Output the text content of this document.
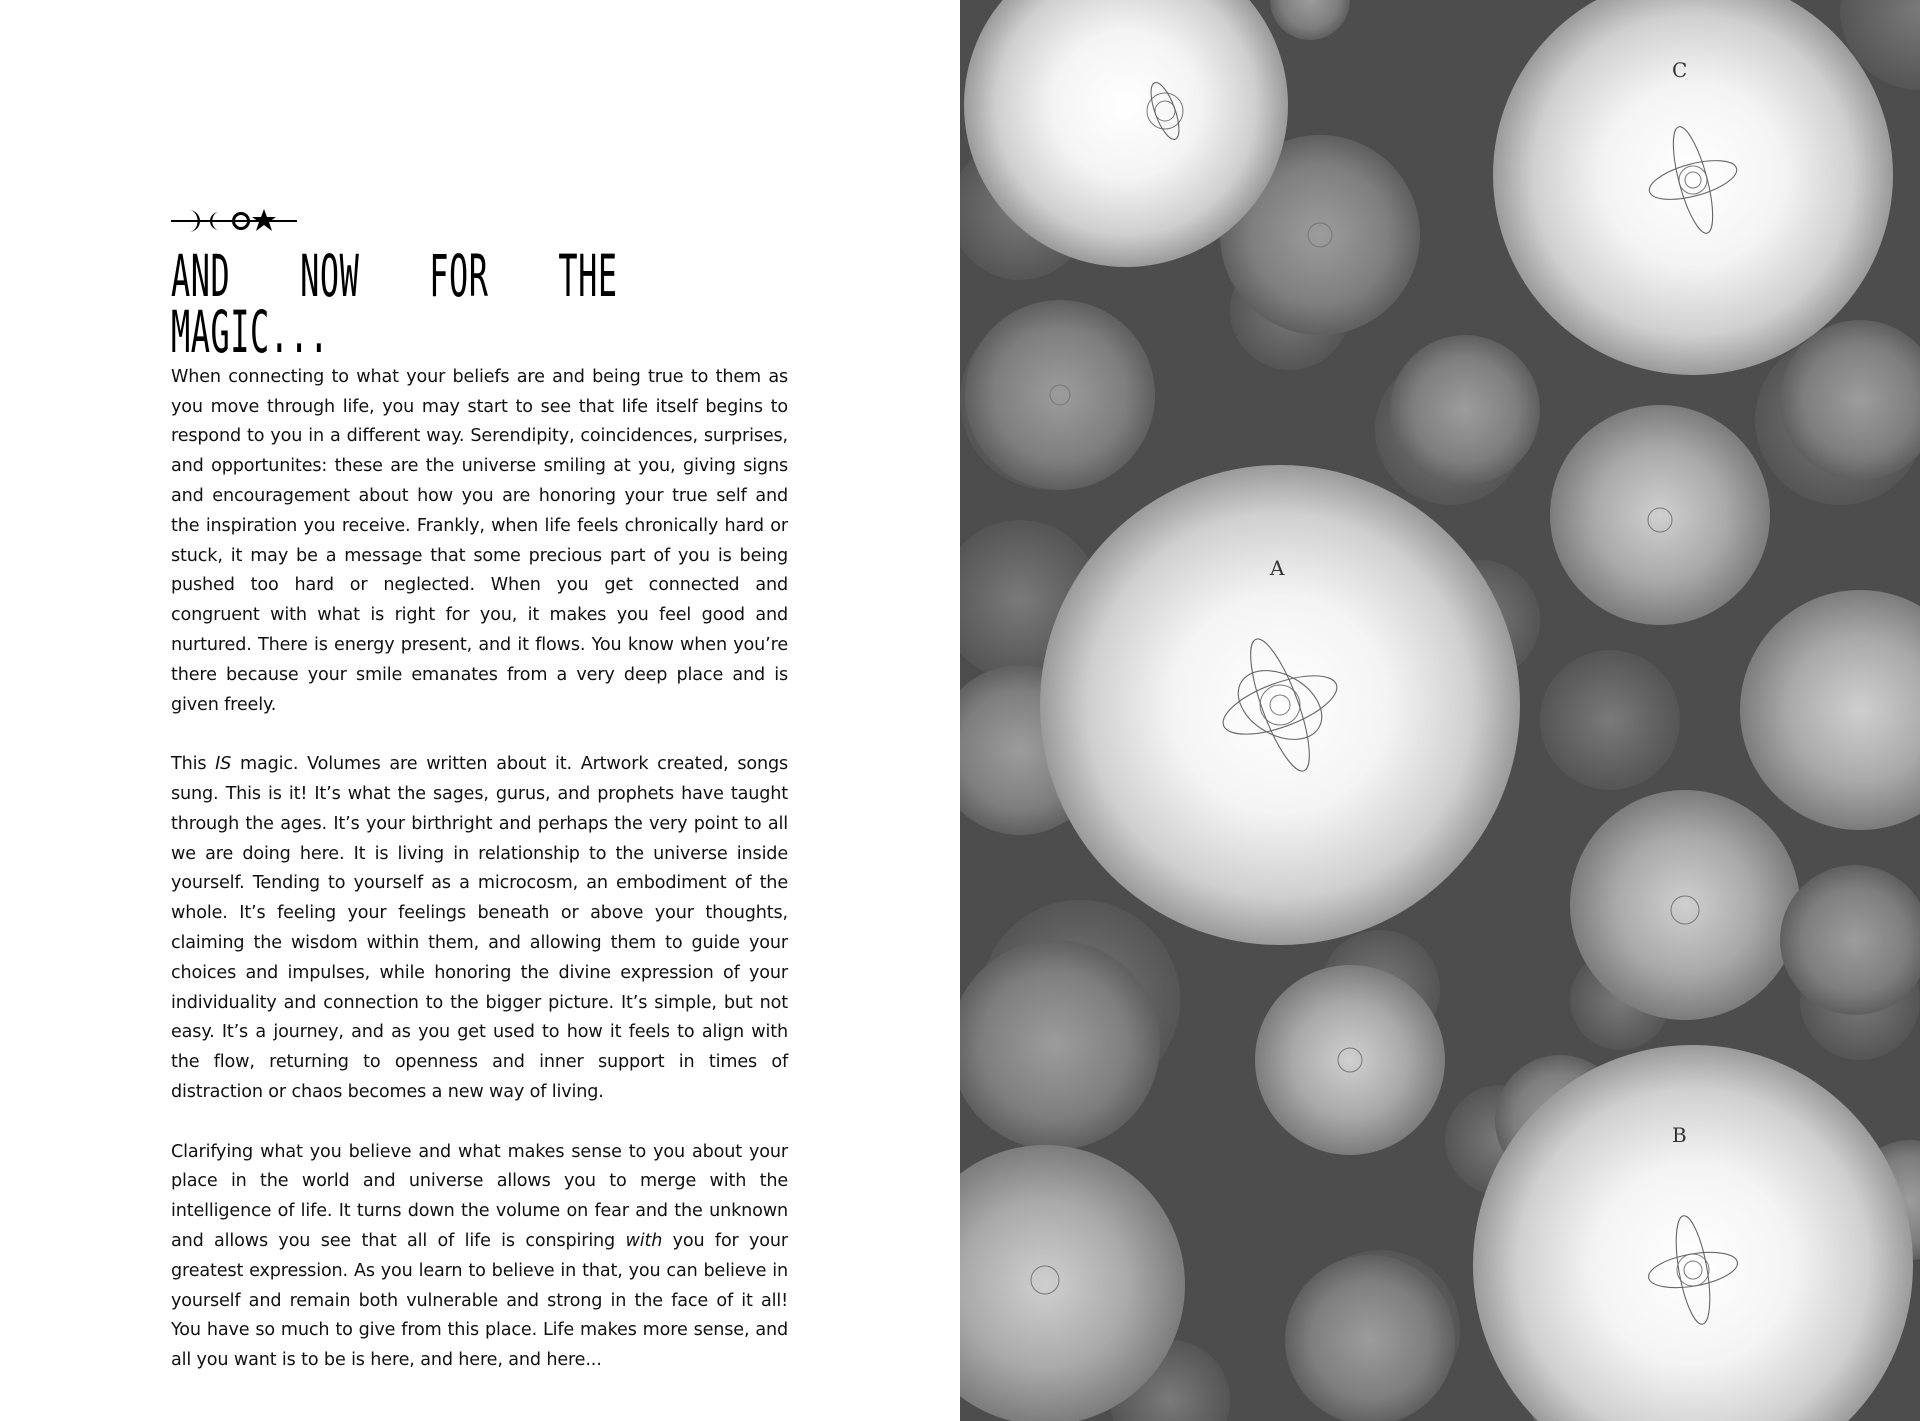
AND NOW FOR THE MAGIC...When connecting to what your beliefs are and being true to them as you move through life, you may start to see that life itself begins to respond to you in a different way. Serendipity, coincidences, surprises, and opportunites: these are the universe smiling at you, giving signs and encouragement about how you are honoring your true self and the inspiration you receive. Frankly, when life feels chronically hard or stuck, it may be a message that some precious part of you is being pushed too hard or neglected. When you get connected and congruent with what is right for you, it makes you feel good and nurtured. There is energy present, and it flows. You know when you’re there because your smile emanates from a very deep place and is given freely.

This IS magic. Volumes are written about it. Artwork created, songs sung. This is it! It’s what the sages, gurus, and prophets have taught through the ages. It’s your birthright and perhaps the very point to all we are doing here. It is living in relationship to the universe inside yourself. Tending to yourself as a microcosm, an embodiment of the whole. It’s feeling your feelings beneath or above your thoughts, claiming the wisdom within them, and allowing them to guide your choices and impulses, while honoring the divine expression of your individuality and connection to the bigger picture. It’s simple, but not easy. It’s a journey, and as you get used to how it feels to align with the flow, returning to openness and inner support in times of distraction or chaos becomes a new way of living.

Clarifying what you believe and what makes sense to you about your place in the world and universe allows you to merge with the intelligence of life. It turns down the volume on fear and the unknown and allows you see that all of life is conspiring with you for your greatest expression. As you learn to believe in that, you can believe in yourself and remain both vulnerable and strong in the face of it all! You have so much to give from this place. Life makes more sense, and all you want is to be is here, and here, and here...

A
B
C
